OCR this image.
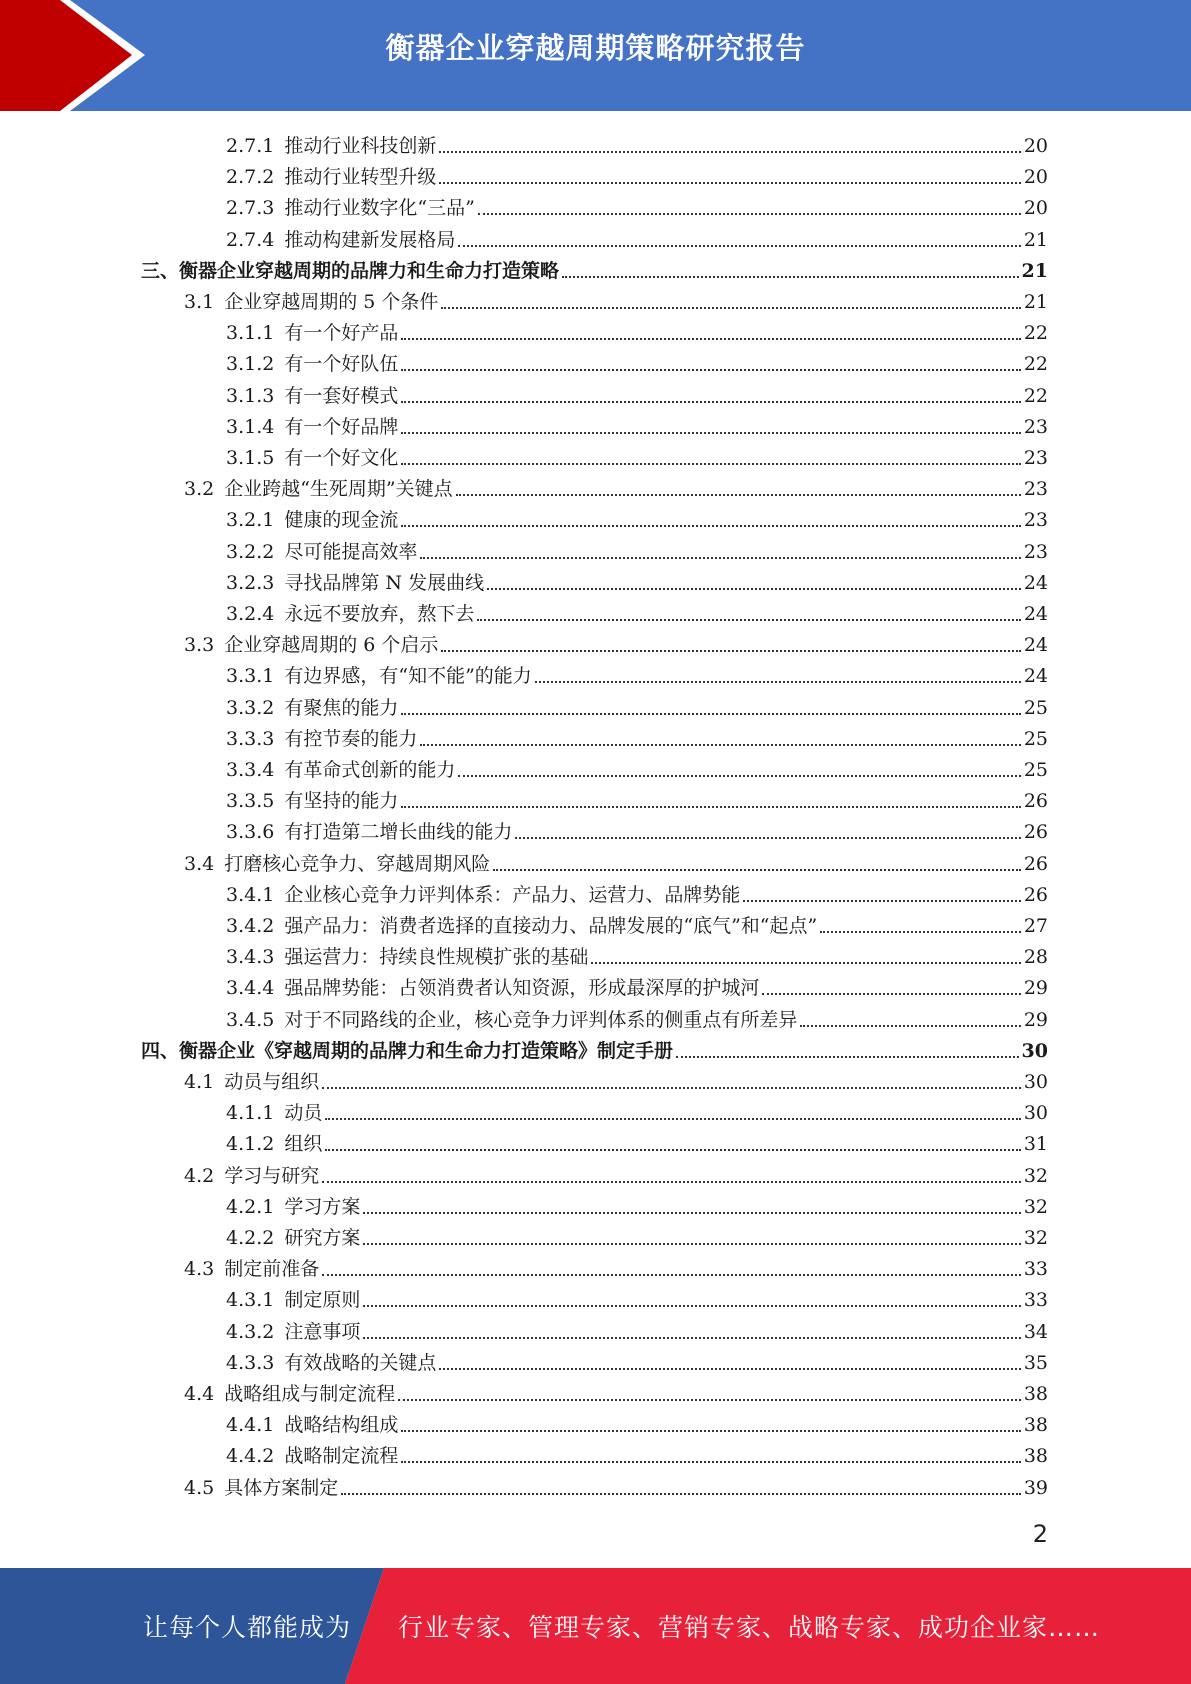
衡器企业穿越周期策略研究报告
2.7.1 推动行业科技创新	20
2.7.2 推动行业转型升级	20
2.7.3 推动行业数字化“三品”	20
2.7.4 推动构建新发展格局	21
三、 衡器企业穿越周期的品牌力和生命力打造策略	21
3.1 企业穿越周期的 5 个条件	21
3.1.1 有一个好产品	22
3.1.2 有一个好队伍	22
3.1.3 有一套好模式	22
3.1.4 有一个好品牌	23
3.1.5 有一个好文化	23
3.2 企业跨越“生死周期”关键点	23
3.2.1 健康的现金流	23
3.2.2 尽可能提高效率	23
3.2.3 寻找品牌第 N 发展曲线	24
3.2.4 永远不要放弃，熬下去	24
3.3 企业穿越周期的 6 个启示	24
3.3.1 有边界感，有“知不能”的能力	24
3.3.2 有聚焦的能力	25
3.3.3 有控节奏的能力	25
3.3.4 有革命式创新的能力	25
3.3.5 有坚持的能力	26
3.3.6 有打造第二增长曲线的能力	26
3.4 打磨核心竞争力、穿越周期风险	26
3.4.1 企业核心竞争力评判体系：产品力、运营力、品牌势能	26
3.4.2 强产品力：消费者选择的直接动力、品牌发展的“底气”和“起点”	27
3.4.3 强运营力：持续良性规模扩张的基础	28
3.4.4 强品牌势能：占领消费者认知资源，形成最深厚的护城河	29
3.4.5 对于不同路线的企业，核心竞争力评判体系的侧重点有所差异	29
四、 衡器企业《穿越周期的品牌力和生命力打造策略》制定手册	30
4.1 动员与组织	30
4.1.1 动员	30
4.1.2 组织	31
4.2 学习与研究	32
4.2.1 学习方案	32
4.2.2 研究方案	32
4.3 制定前准备	33
4.3.1 制定原则	33
4.3.2 注意事项	34
4.3.3 有效战略的关键点	35
4.4 战略组成与制定流程	38
4.4.1 战略结构组成	38
4.4.2 战略制定流程	38
4.5 具体方案制定	39
2
让每个人都能成为 行业专家、管理专家、营销专家、战略专家、成功企业家……
